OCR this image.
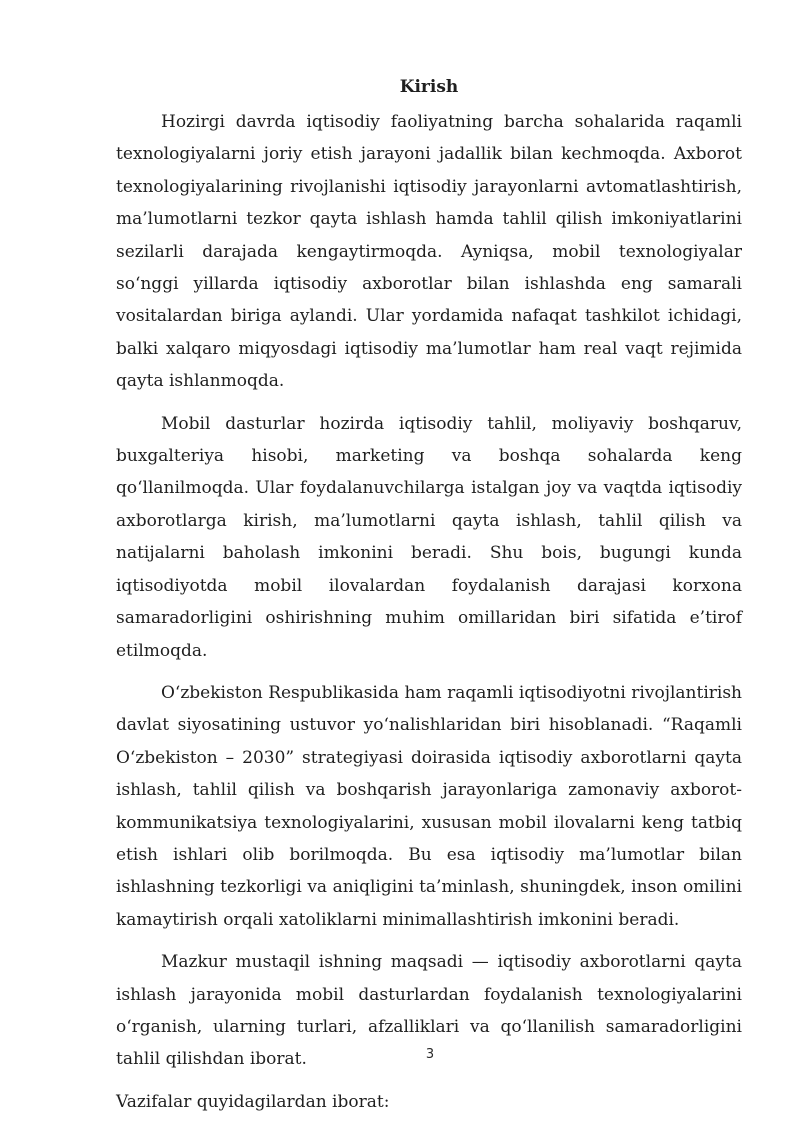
Kirish

Hozirgi davrda iqtisodiy faoliyatning barcha sohalarida raqamli texnologiyalarni joriy etish jarayoni jadallik bilan kechmoqda. Axborot texnologiyalarining rivojlanishi iqtisodiy jarayonlarni avtomatlashtirish, ma’lumotlarni tezkor qayta ishlash hamda tahlil qilish imkoniyatlarini sezilarli darajada kengaytirmoqda. Ayniqsa, mobil texnologiyalar so‘nggi yillarda iqtisodiy axborotlar bilan ishlashda eng samarali vositalardan biriga aylandi. Ular yordamida nafaqat tashkilot ichidagi, balki xalqaro miqyosdagi iqtisodiy ma’lumotlar ham real vaqt rejimida qayta ishlanmoqda.

Mobil dasturlar hozirda iqtisodiy tahlil, moliyaviy boshqaruv, buxgalteriya hisobi, marketing va boshqa sohalarda keng qo‘llanilmoqda. Ular foydalanuvchilarga istalgan joy va vaqtda iqtisodiy axborotlarga kirish, ma’lumotlarni qayta ishlash, tahlil qilish va natijalarni baholash imkonini beradi. Shu bois, bugungi kunda iqtisodiyotda mobil ilovalardan foydalanish darajasi korxona samaradorligini oshirishning muhim omillaridan biri sifatida e’tirof etilmoqda.

O‘zbekiston Respublikasida ham raqamli iqtisodiyotni rivojlantirish davlat siyosatining ustuvor yo‘nalishlaridan biri hisoblanadi. “Raqamli O‘zbekiston – 2030” strategiyasi doirasida iqtisodiy axborotlarni qayta ishlash, tahlil qilish va boshqarish jarayonlariga zamonaviy axborot-kommunikatsiya texnologiyalarini, xususan mobil ilovalarni keng tatbiq etish ishlari olib borilmoqda. Bu esa iqtisodiy ma’lumotlar bilan ishlashning tezkorligi va aniqligini ta’minlash, shuningdek, inson omilini kamaytirish orqali xatoliklarni minimallashtirish imkonini beradi.

Mazkur mustaqil ishning maqsadi — iqtisodiy axborotlarni qayta ishlash jarayonida mobil dasturlardan foydalanish texnologiyalarini o‘rganish, ularning turlari, afzalliklari va qo‘llanilish samaradorligini tahlil qilishdan iborat.

Vazifalar quyidagilardan iborat:

3
